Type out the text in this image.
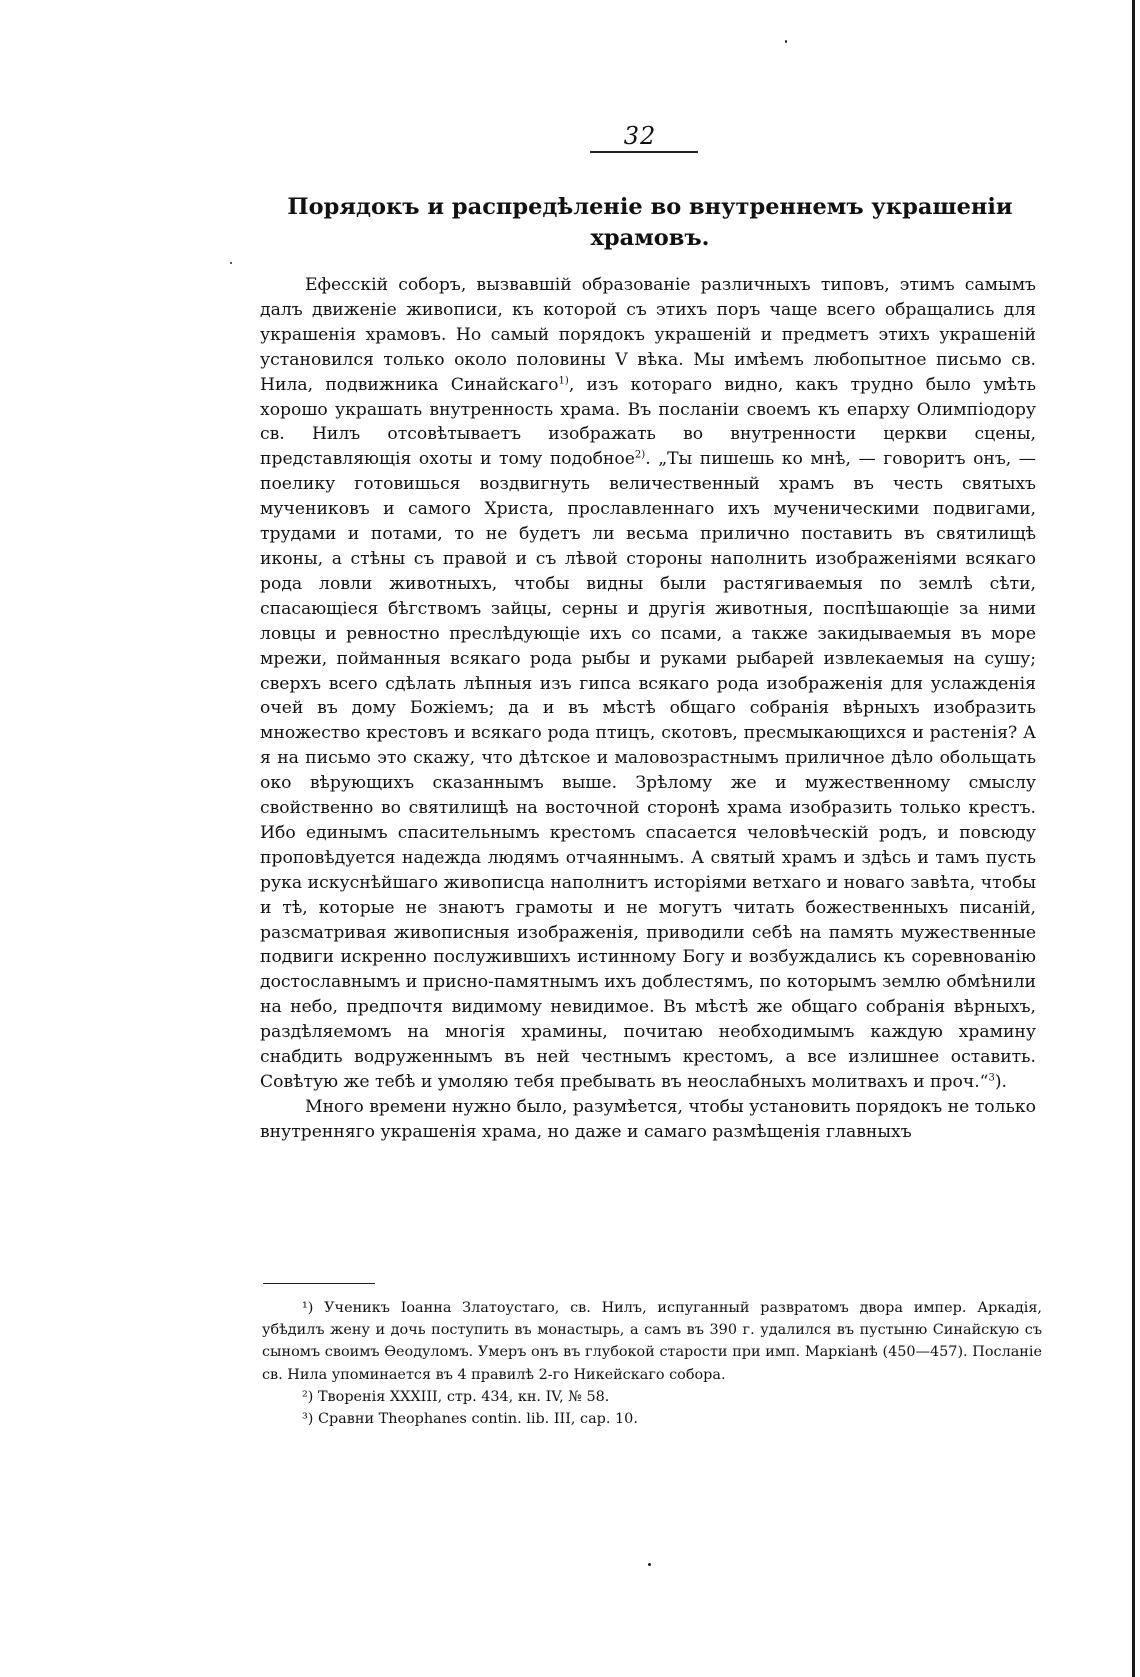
32
Порядокъ и распредѣленіе во внутреннемъ украшеніи храмовъ.

Ефесскій соборъ, вызвавшій образованіе различныхъ типовъ, этимъ самымъ далъ движеніе живописи, къ которой съ этихъ поръ чаще всего обращались для украшенія храмовъ. Но самый порядокъ украшеній и предметъ этихъ украшеній установился только около половины V вѣка. Мы имѣемъ любопытное письмо св. Нила, подвижника Синайскаго$^{1)}$, изъ котораго видно, какъ трудно было умѣть хорошо украшать внутренность храма. Въ посланіи своемъ къ епарху Олимпіодору св. Нилъ отсовѣтываетъ изображать во внутренности церкви сцены, представляющія охоты и тому подобное$^{2)}$. „Ты пишешь ко мнѣ, — говоритъ онъ, — поелику готовишься воздвигнуть величественный храмъ въ честь святыхъ мучениковъ и самого Христа, прославленнаго ихъ мученическими подвигами, трудами и потами, то не будетъ ли весьма прилично поставить въ святилищѣ иконы, а стѣны съ правой и съ лѣвой стороны наполнить изображеніями всякаго рода ловли животныхъ, чтобы видны были растягиваемыя по землѣ сѣти, спасающіеся бѣгствомъ зайцы, серны и другія животныя, поспѣшающіе за ними ловцы и ревностно преслѣдующіе ихъ со псами, а также закидываемыя въ море мрежи, пойманныя всякаго рода рыбы и руками рыбарей извлекаемыя на сушу; сверхъ всего сдѣлать лѣпныя изъ гипса всякаго рода изображенія для услажденія очей въ дому Божіемъ; да и въ мѣстѣ общаго собранія вѣрныхъ изобразить множество крестовъ и всякаго рода птицъ, скотовъ, пресмыкающихся и растенія? А я на письмо это скажу, что дѣтское и маловозрастнымъ приличное дѣло обольщать око вѣрующихъ сказаннымъ выше. Зрѣлому же и мужественному смыслу свойственно во святилищѣ на восточной сторонѣ храма изобразить только крестъ. Ибо единымъ спасительнымъ крестомъ спасается человѣческій родъ, и повсюду проповѣдуется надежда людямъ отчаяннымъ. А святый храмъ и здѣсь и тамъ пусть рука искуснѣйшаго живописца наполнитъ исторіями ветхаго и новаго завѣта, чтобы и тѣ, которые не знаютъ грамоты и не могутъ читать божественныхъ писаній, разсматривая живописныя изображенія, приводили себѣ на память мужественные подвиги искренно послужившихъ истинному Богу и возбуждались къ соревнованію достославнымъ и присно-памятнымъ ихъ доблестямъ, по которымъ землю обмѣнили на небо, предпочтя видимому невидимое. Въ мѣстѣ же общаго собранія вѣрныхъ, раздѣляемомъ на многія храмины, почитаю необходимымъ каждую храмину снабдить водруженнымъ въ ней честнымъ крестомъ, а все излишнее оставить. Совѣтую же тебѣ и умоляю тебя пребывать въ неослабныхъ молитвахъ и проч.“$^3$).

Много времени нужно было, разумѣется, чтобы установить порядокъ не только внутренняго украшенія храма, но даже и самаго размѣщенія главныхъ

¹) Ученикъ Іоанна Златоустаго, св. Нилъ, испуганный развратомъ двора импер. Аркадія, убѣдилъ жену и дочь поступить въ монастырь, а самъ въ 390 г. удалился въ пустыню Синайскую съ сыномъ своимъ Ѳеодуломъ. Умеръ онъ въ глубокой старости при имп. Маркіанѣ (450—457). Посланіе св. Нила упоминается въ 4 правилѣ 2-го Никейскаго собора.

²) Творенія XXXIII, стр. 434, кн. IV, № 58.

³) Сравни Theophanes contin. lib. III, cap. 10.
